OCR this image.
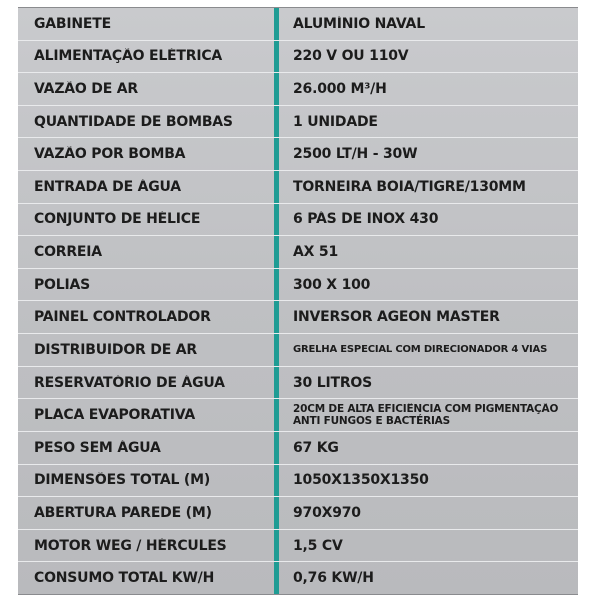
GABINETE	ALUMÍNIO NAVAL
ALIMENTAÇÃO ELÉTRICA	220 V OU 110V
VAZÃO DE AR	26.000 M³/H
QUANTIDADE DE BOMBAS	1 UNIDADE
VAZÃO POR BOMBA	2500 LT/H - 30W
ENTRADA DE ÁGUA	TORNEIRA BOIA/TIGRE/130MM
CONJUNTO DE HÉLICE	6 PÁS DE INOX 430
CORREIA	AX 51
POLIAS	300 X 100
PAINEL CONTROLADOR	INVERSOR AGEON MASTER
DISTRIBUIDOR DE AR	GRELHA ESPECIAL COM DIRECIONADOR 4 VIAS
RESERVATÓRIO DE ÁGUA	30 LITROS
PLACA EVAPORATIVA	20CM DE ALTA EFICIÊNCIA COM PIGMENTAÇÃO
ANTI FUNGOS E BACTÉRIAS
PESO SEM ÁGUA	67 KG
DIMENSÕES TOTAL (M)	1050X1350X1350
ABERTURA PAREDE (M)	970X970
MOTOR WEG / HÉRCULES	1,5 CV
CONSUMO TOTAL KW/H	0,76 KW/H
